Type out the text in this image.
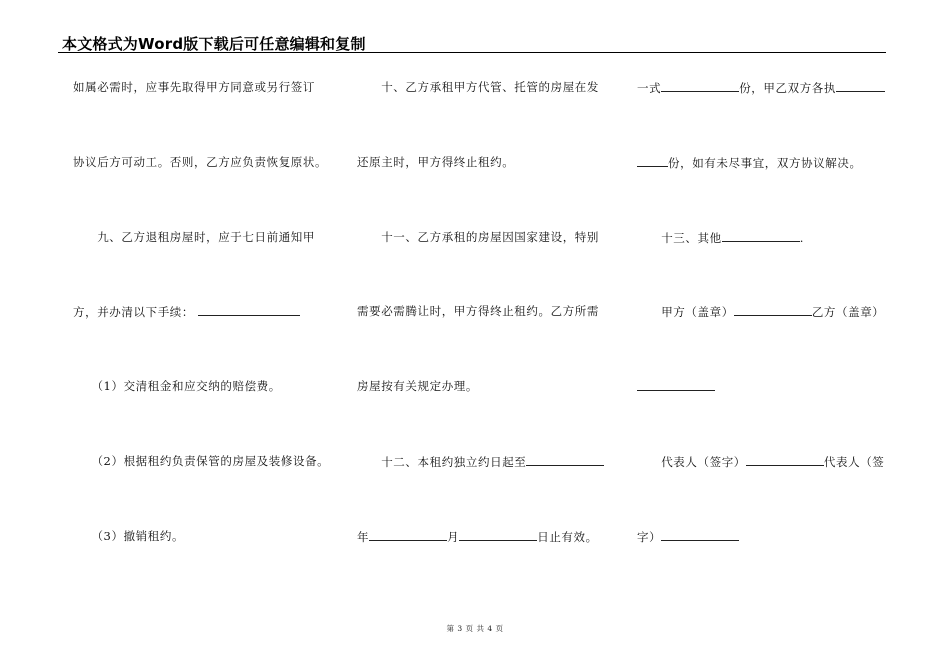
本文格式为Word版下载后可任意编辑和复制
如属必需时，应事先取得甲方同意或另行签订
协议后方可动工。否则，乙方应负责恢复原状。
　　九、乙方退租房屋时，应于七日前通知甲
方，并办清以下手续：
　　（1）交清租金和应交纳的赔偿费。
　　（2）根据租约负责保管的房屋及装修设备。
　　（3）撤销租约。
　　十、乙方承租甲方代管、托管的房屋在发
还原主时，甲方得终止租约。
　　十一、乙方承租的房屋因国家建设，特别
需要必需腾让时，甲方得终止租约。乙方所需
房屋按有关规定办理。
　　十二、本租约独立约日起至
年	月	日止有效。
一式	份，甲乙双方各执
份，如有未尽事宜，双方协议解决。
　　十三、其他	.
　　甲方（盖章）	乙方（盖章）
　　代表人（签字）	代表人（签
字）
第 3 页 共 4 页
